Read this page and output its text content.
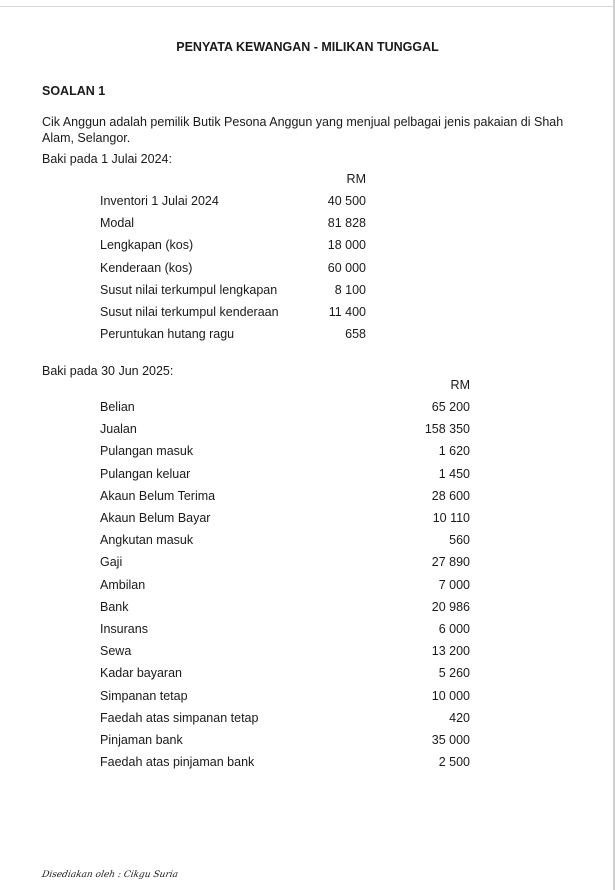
PENYATA KEWANGAN - MILIKAN TUNGGAL
SOALAN 1
Cik Anggun adalah pemilik Butik Pesona Anggun yang menjual pelbagai jenis pakaian di Shah Alam, Selangor.
Baki pada 1 Julai 2024:
RM
Inventori 1 Julai 2024	40 500
Modal	81 828
Lengkapan (kos)	18 000
Kenderaan (kos)	60 000
Susut nilai terkumpul lengkapan	8 100
Susut nilai terkumpul kenderaan	11 400
Peruntukan hutang ragu	658
Baki pada 30 Jun 2025:
RM
Belian	65 200
Jualan	158 350
Pulangan masuk	1 620
Pulangan keluar	1 450
Akaun Belum Terima	28 600
Akaun Belum Bayar	10 110
Angkutan masuk	560
Gaji	27 890
Ambilan	7 000
Bank	20 986
Insurans	6 000
Sewa	13 200
Kadar bayaran	5 260
Simpanan tetap	10 000
Faedah atas simpanan tetap	420
Pinjaman bank	35 000
Faedah atas pinjaman bank	2 500
Disediakan oleh : Cikgu Suria
